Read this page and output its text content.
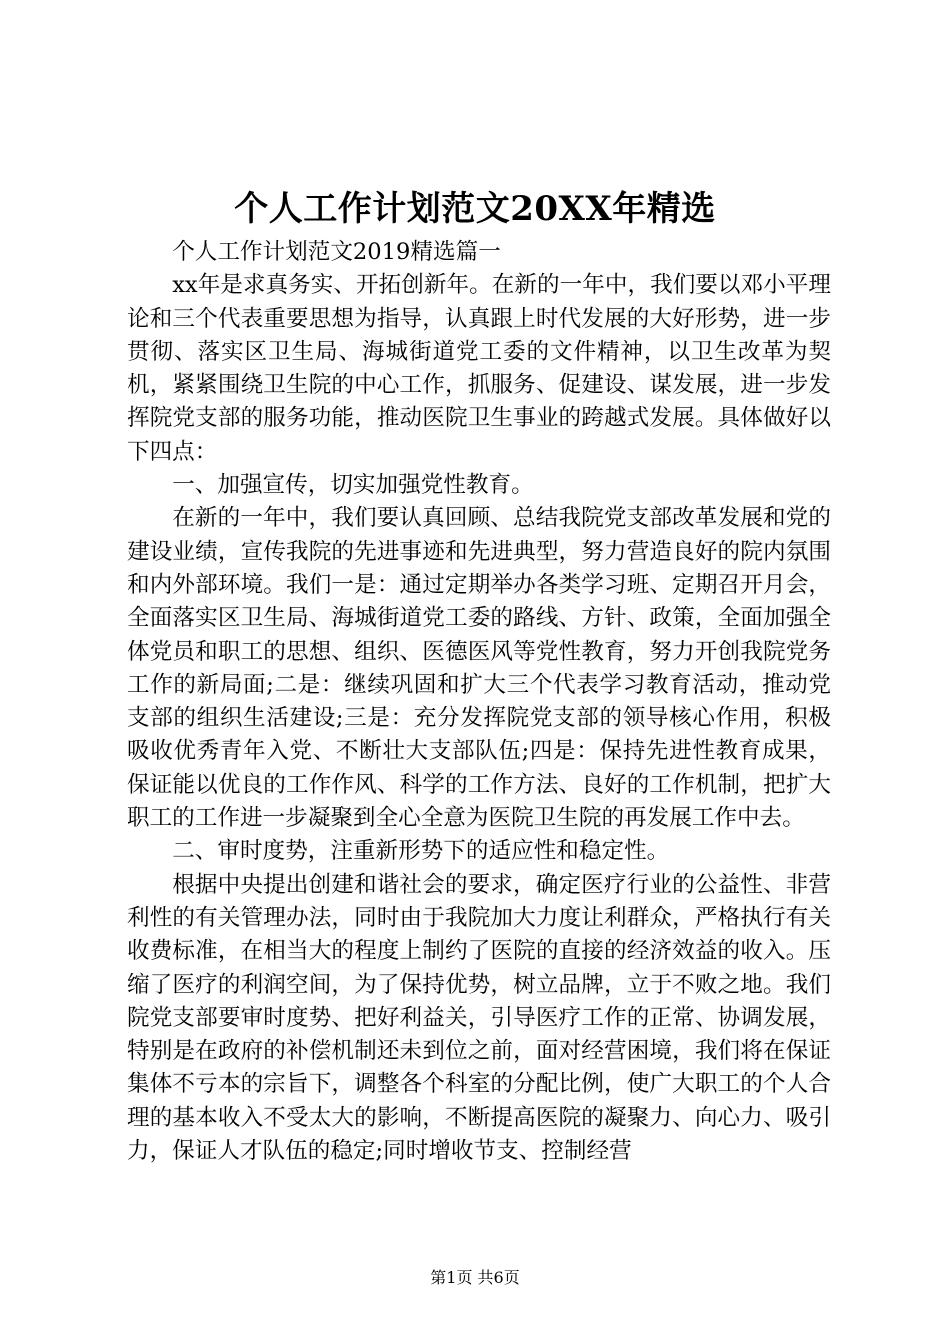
个人工作计划范文20XX年精选

个人工作计划范文2019精选篇一

xx年是求真务实、开拓创新年。在新的一年中，我们要以邓小平理论和三个代表重要思想为指导，认真跟上时代发展的大好形势，进一步贯彻、落实区卫生局、海城街道党工委的文件精神，以卫生改革为契机，紧紧围绕卫生院的中心工作，抓服务、促建设、谋发展，进一步发挥院党支部的服务功能，推动医院卫生事业的跨越式发展。具体做好以下四点：

一、加强宣传，切实加强党性教育。

在新的一年中，我们要认真回顾、总结我院党支部改革发展和党的建设业绩，宣传我院的先进事迹和先进典型，努力营造良好的院内氛围和内外部环境。我们一是：通过定期举办各类学习班、定期召开月会，全面落实区卫生局、海城街道党工委的路线、方针、政策，全面加强全体党员和职工的思想、组织、医德医风等党性教育，努力开创我院党务工作的新局面;二是：继续巩固和扩大三个代表学习教育活动，推动党支部的组织生活建设;三是：充分发挥院党支部的领导核心作用，积极吸收优秀青年入党、不断壮大支部队伍;四是：保持先进性教育成果，保证能以优良的工作作风、科学的工作方法、良好的工作机制，把扩大职工的工作进一步凝聚到全心全意为医院卫生院的再发展工作中去。

二、审时度势，注重新形势下的适应性和稳定性。

根据中央提出创建和谐社会的要求，确定医疗行业的公益性、非营利性的有关管理办法，同时由于我院加大力度让利群众，严格执行有关收费标准，在相当大的程度上制约了医院的直接的经济效益的收入。压缩了医疗的利润空间，为了保持优势，树立品牌，立于不败之地。我们院党支部要审时度势、把好利益关，引导医疗工作的正常、协调发展，特别是在政府的补偿机制还未到位之前，面对经营困境，我们将在保证集体不亏本的宗旨下，调整各个科室的分配比例，使广大职工的个人合理的基本收入不受太大的影响，不断提高医院的凝聚力、向心力、吸引力，保证人才队伍的稳定;同时增收节支、控制经营

第1页 共6页
